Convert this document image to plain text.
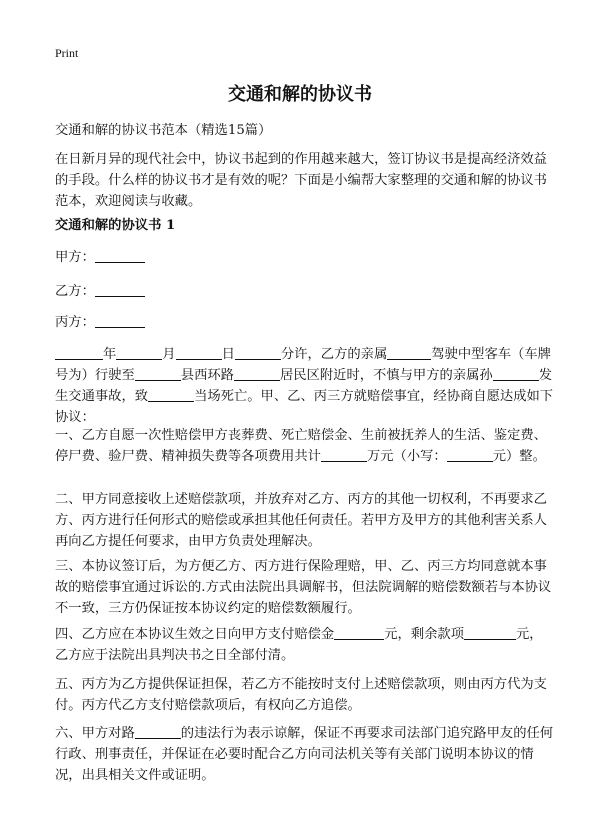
Print
交通和解的协议书

交通和解的协议书范本（精选15篇）

在日新月异的现代社会中，协议书起到的作用越来越大，签订协议书是提高经济效益的手段。什么样的协议书才是有效的呢？下面是小编帮大家整理的交通和解的协议书范本，欢迎阅读与收藏。

交通和解的协议书 1

甲方：

乙方：

丙方：

年	月	日	分许，乙方的亲属	驾驶中型客车（车牌号为）行驶至	县西环路	居民区附近时，不慎与甲方的亲属孙	发生交通事故，致	当场死亡。甲、乙、丙三方就赔偿事宜，经协商自愿达成如下协议：

一、乙方自愿一次性赔偿甲方丧葬费、死亡赔偿金、生前被抚养人的生活、鉴定费、停尸费、验尸费、精神损失费等各项费用共计	万元（小写：	元）整。

二、甲方同意接收上述赔偿款项，并放弃对乙方、丙方的其他一切权利，不再要求乙方、丙方进行任何形式的赔偿或承担其他任何责任。若甲方及甲方的其他利害关系人再向乙方提任何要求，由甲方负责处理解决。

三、本协议签订后，为方便乙方、丙方进行保险理赔，甲、乙、丙三方均同意就本事故的赔偿事宜通过诉讼的.方式由法院出具调解书，但法院调解的赔偿数额若与本协议不一致，三方仍保证按本协议约定的赔偿数额履行。

四、乙方应在本协议生效之日向甲方支付赔偿金	元，剩余款项	元，乙方应于法院出具判决书之日全部付清。

五、丙方为乙方提供保证担保，若乙方不能按时支付上述赔偿款项，则由丙方代为支付。丙方代乙方支付赔偿款项后，有权向乙方追偿。

六、甲方对路	的违法行为表示谅解，保证不再要求司法部门追究路甲友的任何行政、刑事责任，并保证在必要时配合乙方向司法机关等有关部门说明本协议的情况，出具相关文件或证明。
